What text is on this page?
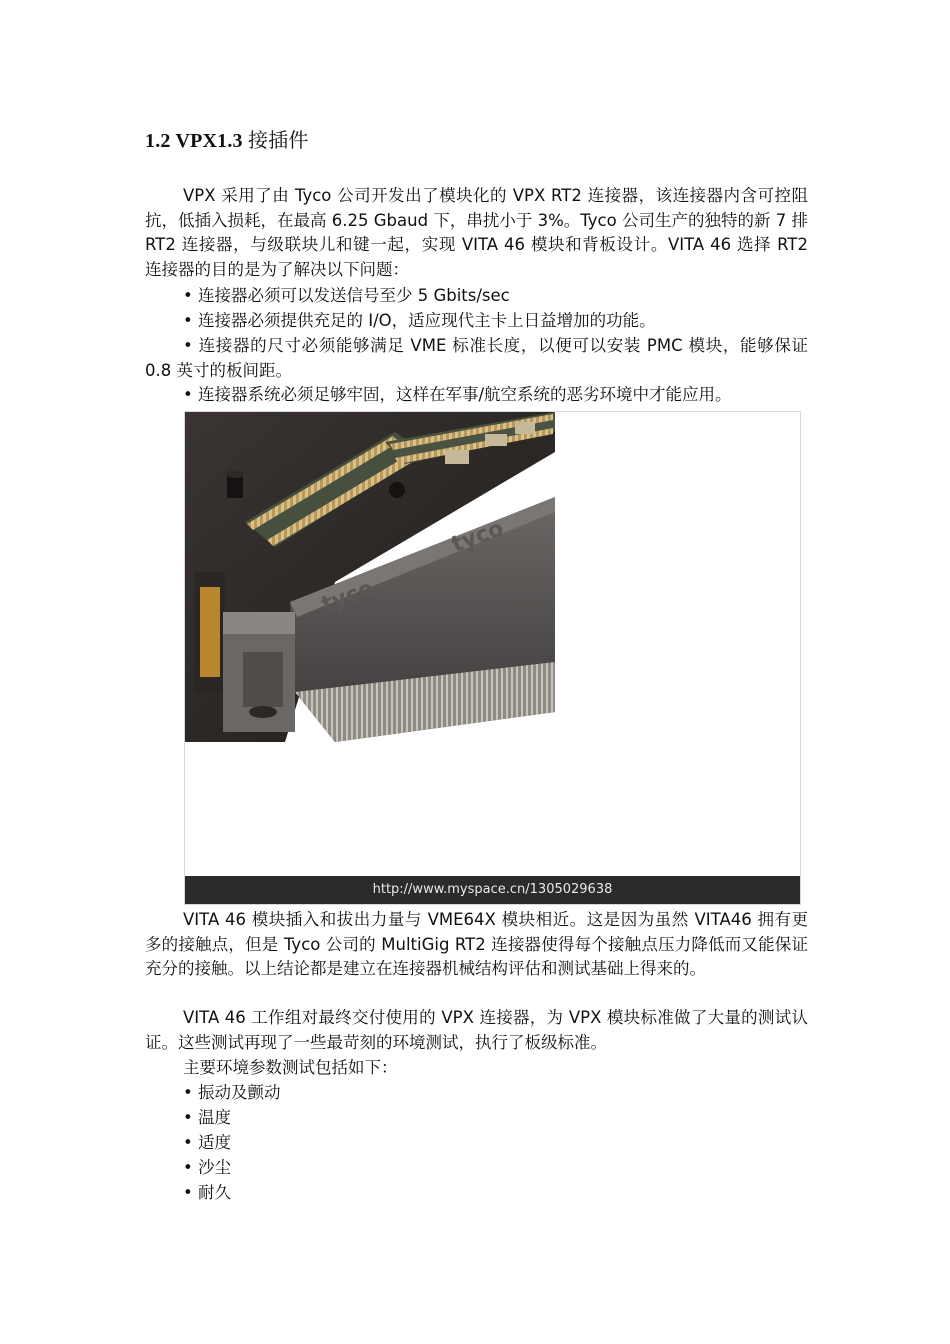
1.2 VPX1.3 接插件

VPX 采用了由 Tyco 公司开发出了模块化的 VPX RT2 连接器，该连接器内含可控阻抗，低插入损耗，在最高 6.25 Gbaud 下，串扰小于 3%。Tyco 公司生产的独特的新 7 排 RT2 连接器，与级联块儿和键一起，实现 VITA 46 模块和背板设计。VITA 46 选择 RT2 连接器的目的是为了解决以下问题：

• 连接器必须可以发送信号至少 5 Gbits/sec
• 连接器必须提供充足的 I/O，适应现代主卡上日益增加的功能。

• 连接器的尺寸必须能够满足 VME 标准长度，以便可以安装 PMC 模块，能够保证 0.8 英寸的板间距。

• 连接器系统必须足够牢固，这样在军事/航空系统的恶劣环境中才能应用。
tyco
tyco
http://www.myspace.cn/1305029638

VITA 46 模块插入和拔出力量与 VME64X 模块相近。这是因为虽然 VITA46 拥有更多的接触点，但是 Tyco 公司的 MultiGig RT2 连接器使得每个接触点压力降低而又能保证充分的接触。以上结论都是建立在连接器机械结构评估和测试基础上得来的。

VITA 46 工作组对最终交付使用的 VPX 连接器，为 VPX 模块标准做了大量的测试认证。这些测试再现了一些最苛刻的环境测试，执行了板级标准。

主要环境参数测试包括如下：
• 振动及颤动
• 温度
• 适度
• 沙尘
• 耐久
